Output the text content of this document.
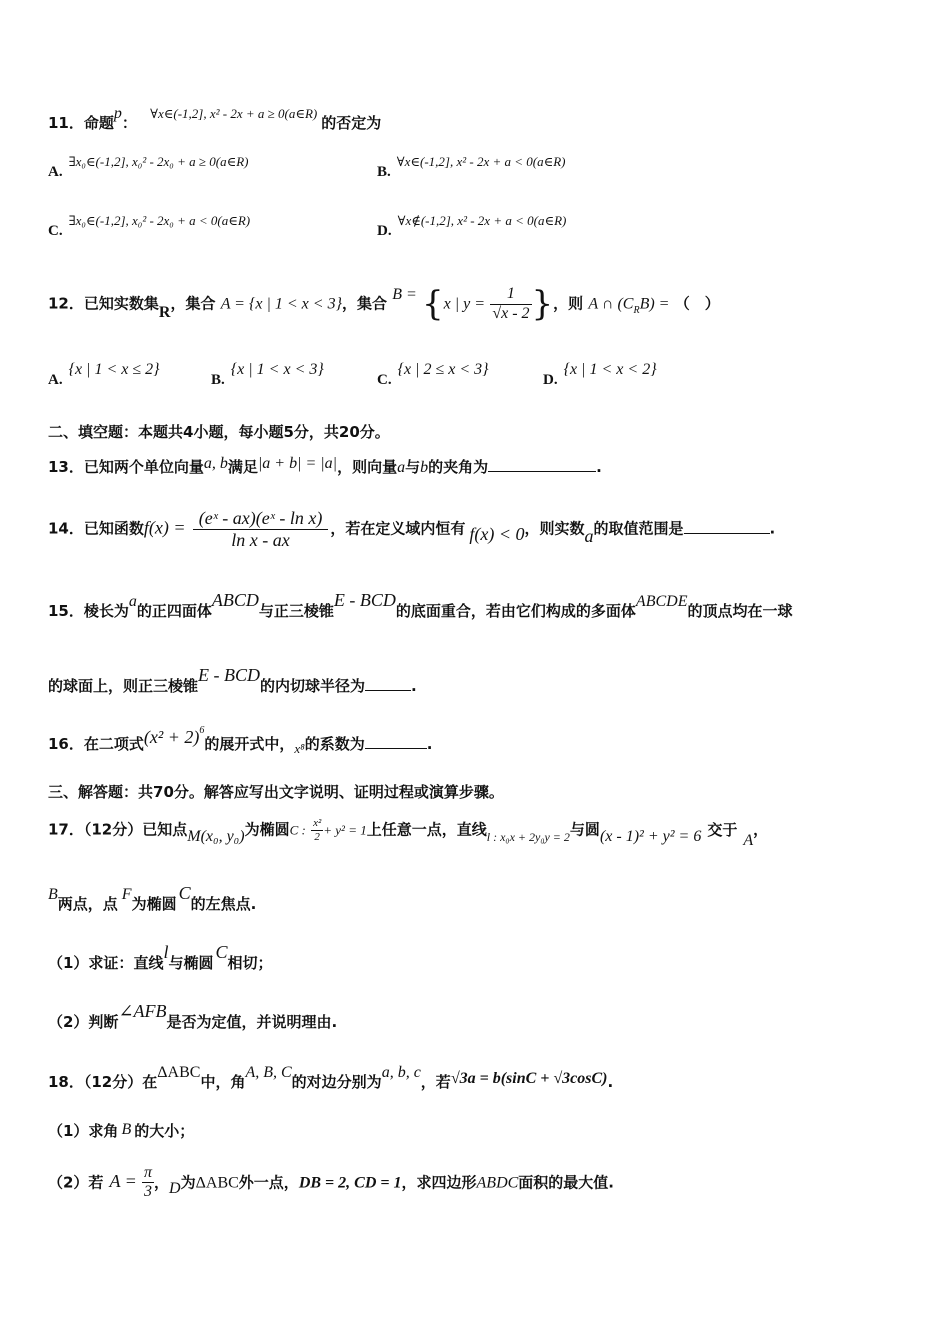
11．命题p： ∀x∈(-1,2], x² - 2x + a ≥ 0(a∈R)的否定为
A.$^{\exists x_0\in(-1,2], x_0^2 - 2x_0 + a \ge 0(a\in R)}$
B.$^{\forall x\in(-1,2], x^2 - 2x + a < 0(a\in R)}$
C.$^{\exists x_0\in(-1,2], x_0^2 - 2x_0 + a < 0(a\in R)}$
D.$^{\forall x\notin(-1,2], x^2 - 2x + a < 0(a\in R)}$
12．已知实数集R，集合 A = {x | 1 < x < 3}，集合 B = {x | $y = \frac{1}{√x - 2}$ }，则 A ∩ $(C_RB)$ = （　）
A.{x | 1 < x ≤ 2}
B.{x | 1 < x < 3}
C.{x | 2 ≤ x < 3}
D.{x | 1 < x < 2}
二、填空题：本题共4小题，每小题5分，共20分。
13．已知两个单位向量a, b满足|a + b| = |a|，则向量a与b的夹角为	.
14．已知函数$f(x) = \frac{\text{(eˣ - ax)(eˣ - ln x)}}{\text{ln x - ax}}$ ，若在定义域内恒有 f(x) < 0，则实数a的取值范围是	.
15．棱长为a的正四面体ABCD与正三棱锥E - BCD的底面重合，若由它们构成的多面体ABCDE的顶点均在一球
的球面上，则正三棱锥E - BCD的内切球半径为	.
16．在二项式$(x^2 + 2)^6$的展开式中，x⁸的系数为	.
三、解答题：共70分。解答应写出文字说明、证明过程或演算步骤。
17．（12分）已知点M(x₀, y₀)为椭圆C : $\frac{\text{x²}}{2} + y^2 = 1$上任意一点，直线$_{l : x_0x + 2y_0y = 2}$与圆(x - 1)² + y² = 6 交于A，
B两点，点F为椭圆C的左焦点.
（1）求证：直线l与椭圆C相切；
（2）判断∠AFB是否为定值，并说明理由.
18．（12分）在ΔABC中，角A, B, C的对边分别为a, b, c，若√3a = b(sinC + √3cosC).
（1）求角 B 的大小；
（2）若 $A = \frac{\pi}{3}$ ，D为ΔABC外一点，DB = 2, CD = 1，求四边形ABDC面积的最大值.
